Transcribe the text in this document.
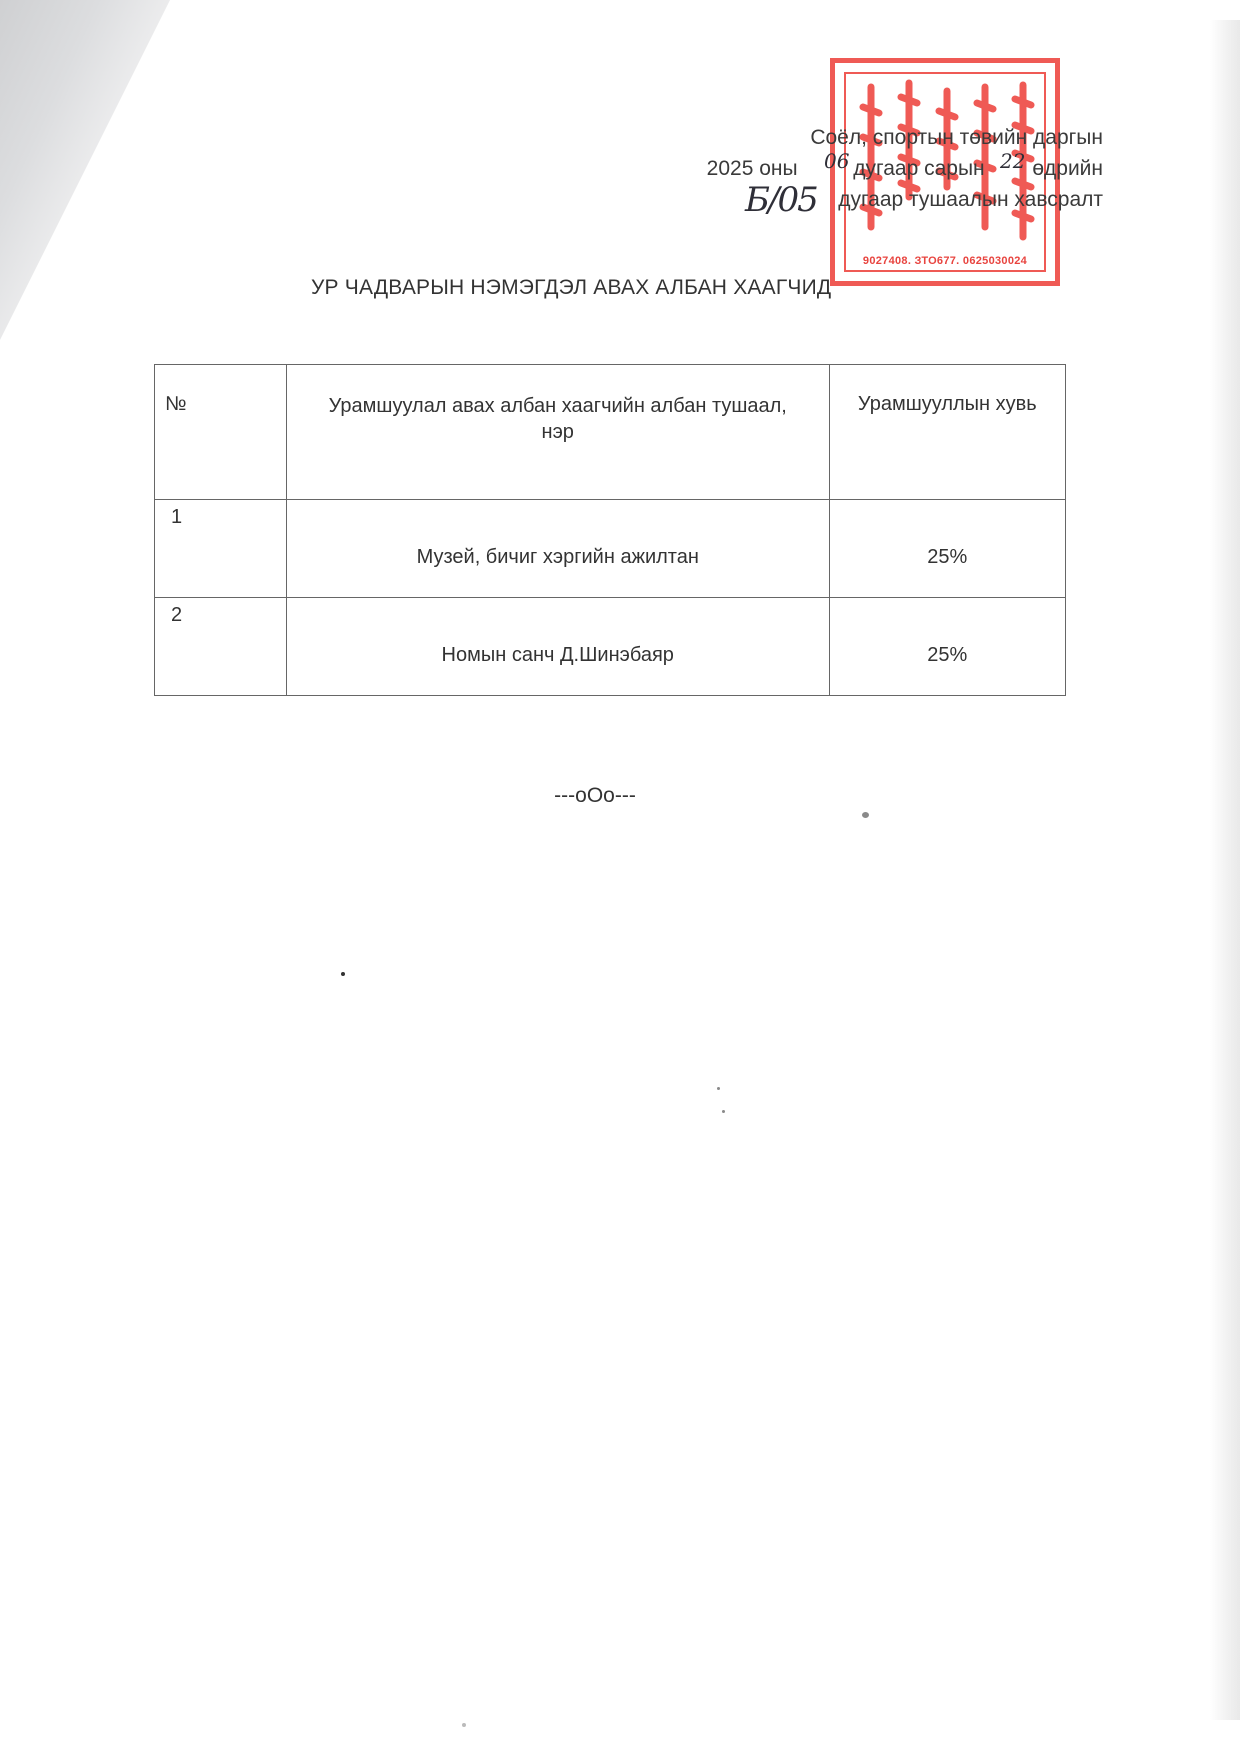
9027408. ЗТО677. 0625030024
Соёл, спортын төвийн даргын
2025 оны	дугаар сарын өдрийн
дугаар тушаалын хавсралт
06	22
Б/05
УР ЧАДВАРЫН НЭМЭГДЭЛ АВАХ АЛБАН ХААГЧИД
№	Урамшуулал авах албан хаагчийн албан тушаал, нэр	Урамшууллын хувь
1	Музей, бичиг хэргийн ажилтан	25%
2	Номын санч Д.Шинэбаяр	25%
---оОо---
